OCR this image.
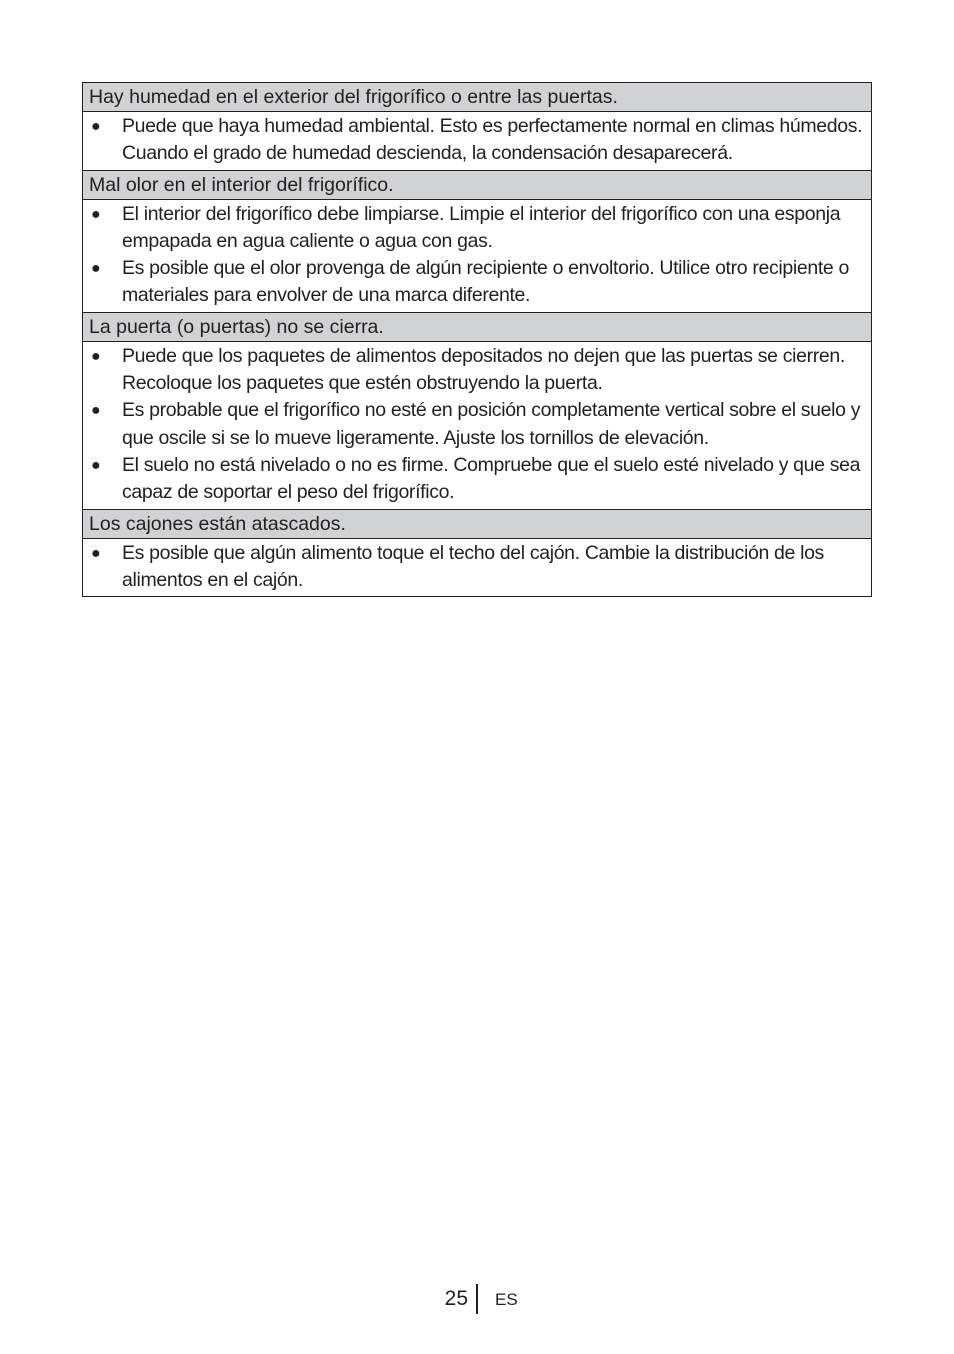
Hay humedad en el exterior del frigorífico o entre las puertas.
● Puede que haya humedad ambiental. Esto es perfectamente normal en climas húmedos. Cuando el grado de humedad descienda, la condensación desaparecerá.
Mal olor en el interior del frigorífico.
● El interior del frigorífico debe limpiarse. Limpie el interior del frigorífico con una esponja empapada en agua caliente o agua con gas.
● Es posible que el olor provenga de algún recipiente o envoltorio. Utilice otro recipiente o materiales para envolver de una marca diferente.
La puerta (o puertas) no se cierra.
● Puede que los paquetes de alimentos depositados no dejen que las puertas se cierren. Recoloque los paquetes que estén obstruyendo la puerta.
● Es probable que el frigorífico no esté en posición completamente vertical sobre el suelo y que oscile si se lo mueve ligeramente. Ajuste los tornillos de elevación.
● El suelo no está nivelado o no es firme. Compruebe que el suelo esté nivelado y que sea capaz de soportar el peso del frigorífico.
Los cajones están atascados.
● Es posible que algún alimento toque el techo del cajón. Cambie la distribución de los alimentos en el cajón.
25 ES
